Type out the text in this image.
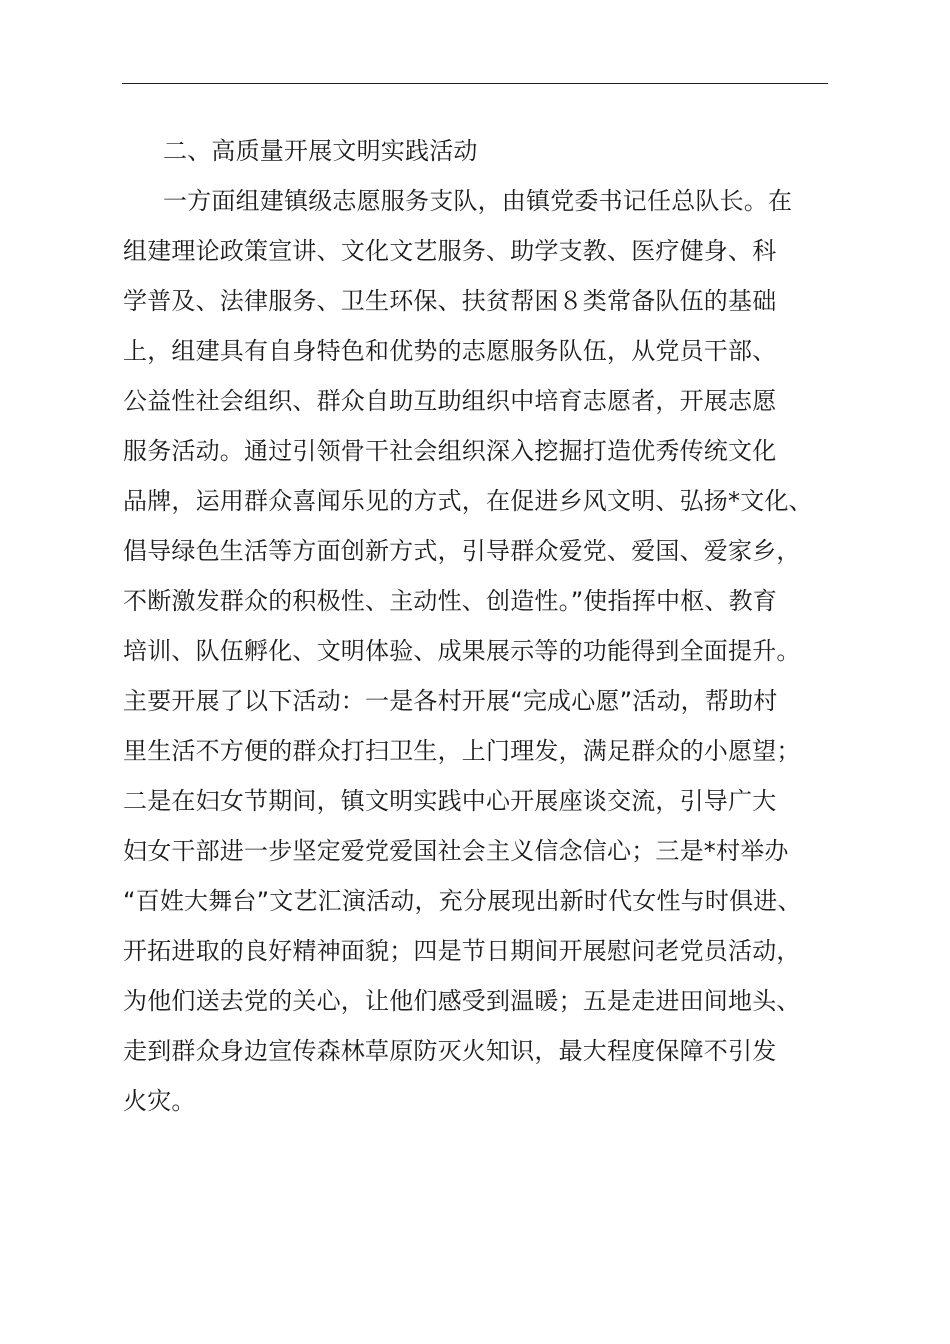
二、高质量开展文明实践活动
一方面组建镇级志愿服务支队，由镇党委书记任总队长。在
组建理论政策宣讲、文化文艺服务、助学支教、医疗健身、科
学普及、法律服务、卫生环保、扶贫帮困８类常备队伍的基础
上，组建具有自身特色和优势的志愿服务队伍，从党员干部、
公益性社会组织、群众自助互助组织中培育志愿者，开展志愿
服务活动。通过引领骨干社会组织深入挖掘打造优秀传统文化
品牌，运用群众喜闻乐见的方式，在促进乡风文明、弘扬*文化、
倡导绿色生活等方面创新方式，引导群众爱党、爱国、爱家乡，
不断激发群众的积极性、主动性、创造性。”使指挥中枢、教育
培训、队伍孵化、文明体验、成果展示等的功能得到全面提升。
主要开展了以下活动：一是各村开展“完成心愿”活动，帮助村
里生活不方便的群众打扫卫生，上门理发，满足群众的小愿望；
二是在妇女节期间，镇文明实践中心开展座谈交流，引导广大
妇女干部进一步坚定爱党爱国社会主义信念信心；三是*村举办
“百姓大舞台”文艺汇演活动，充分展现出新时代女性与时俱进、
开拓进取的良好精神面貌；四是节日期间开展慰问老党员活动，
为他们送去党的关心，让他们感受到温暖；五是走进田间地头、
走到群众身边宣传森林草原防灭火知识，最大程度保障不引发
火灾。
